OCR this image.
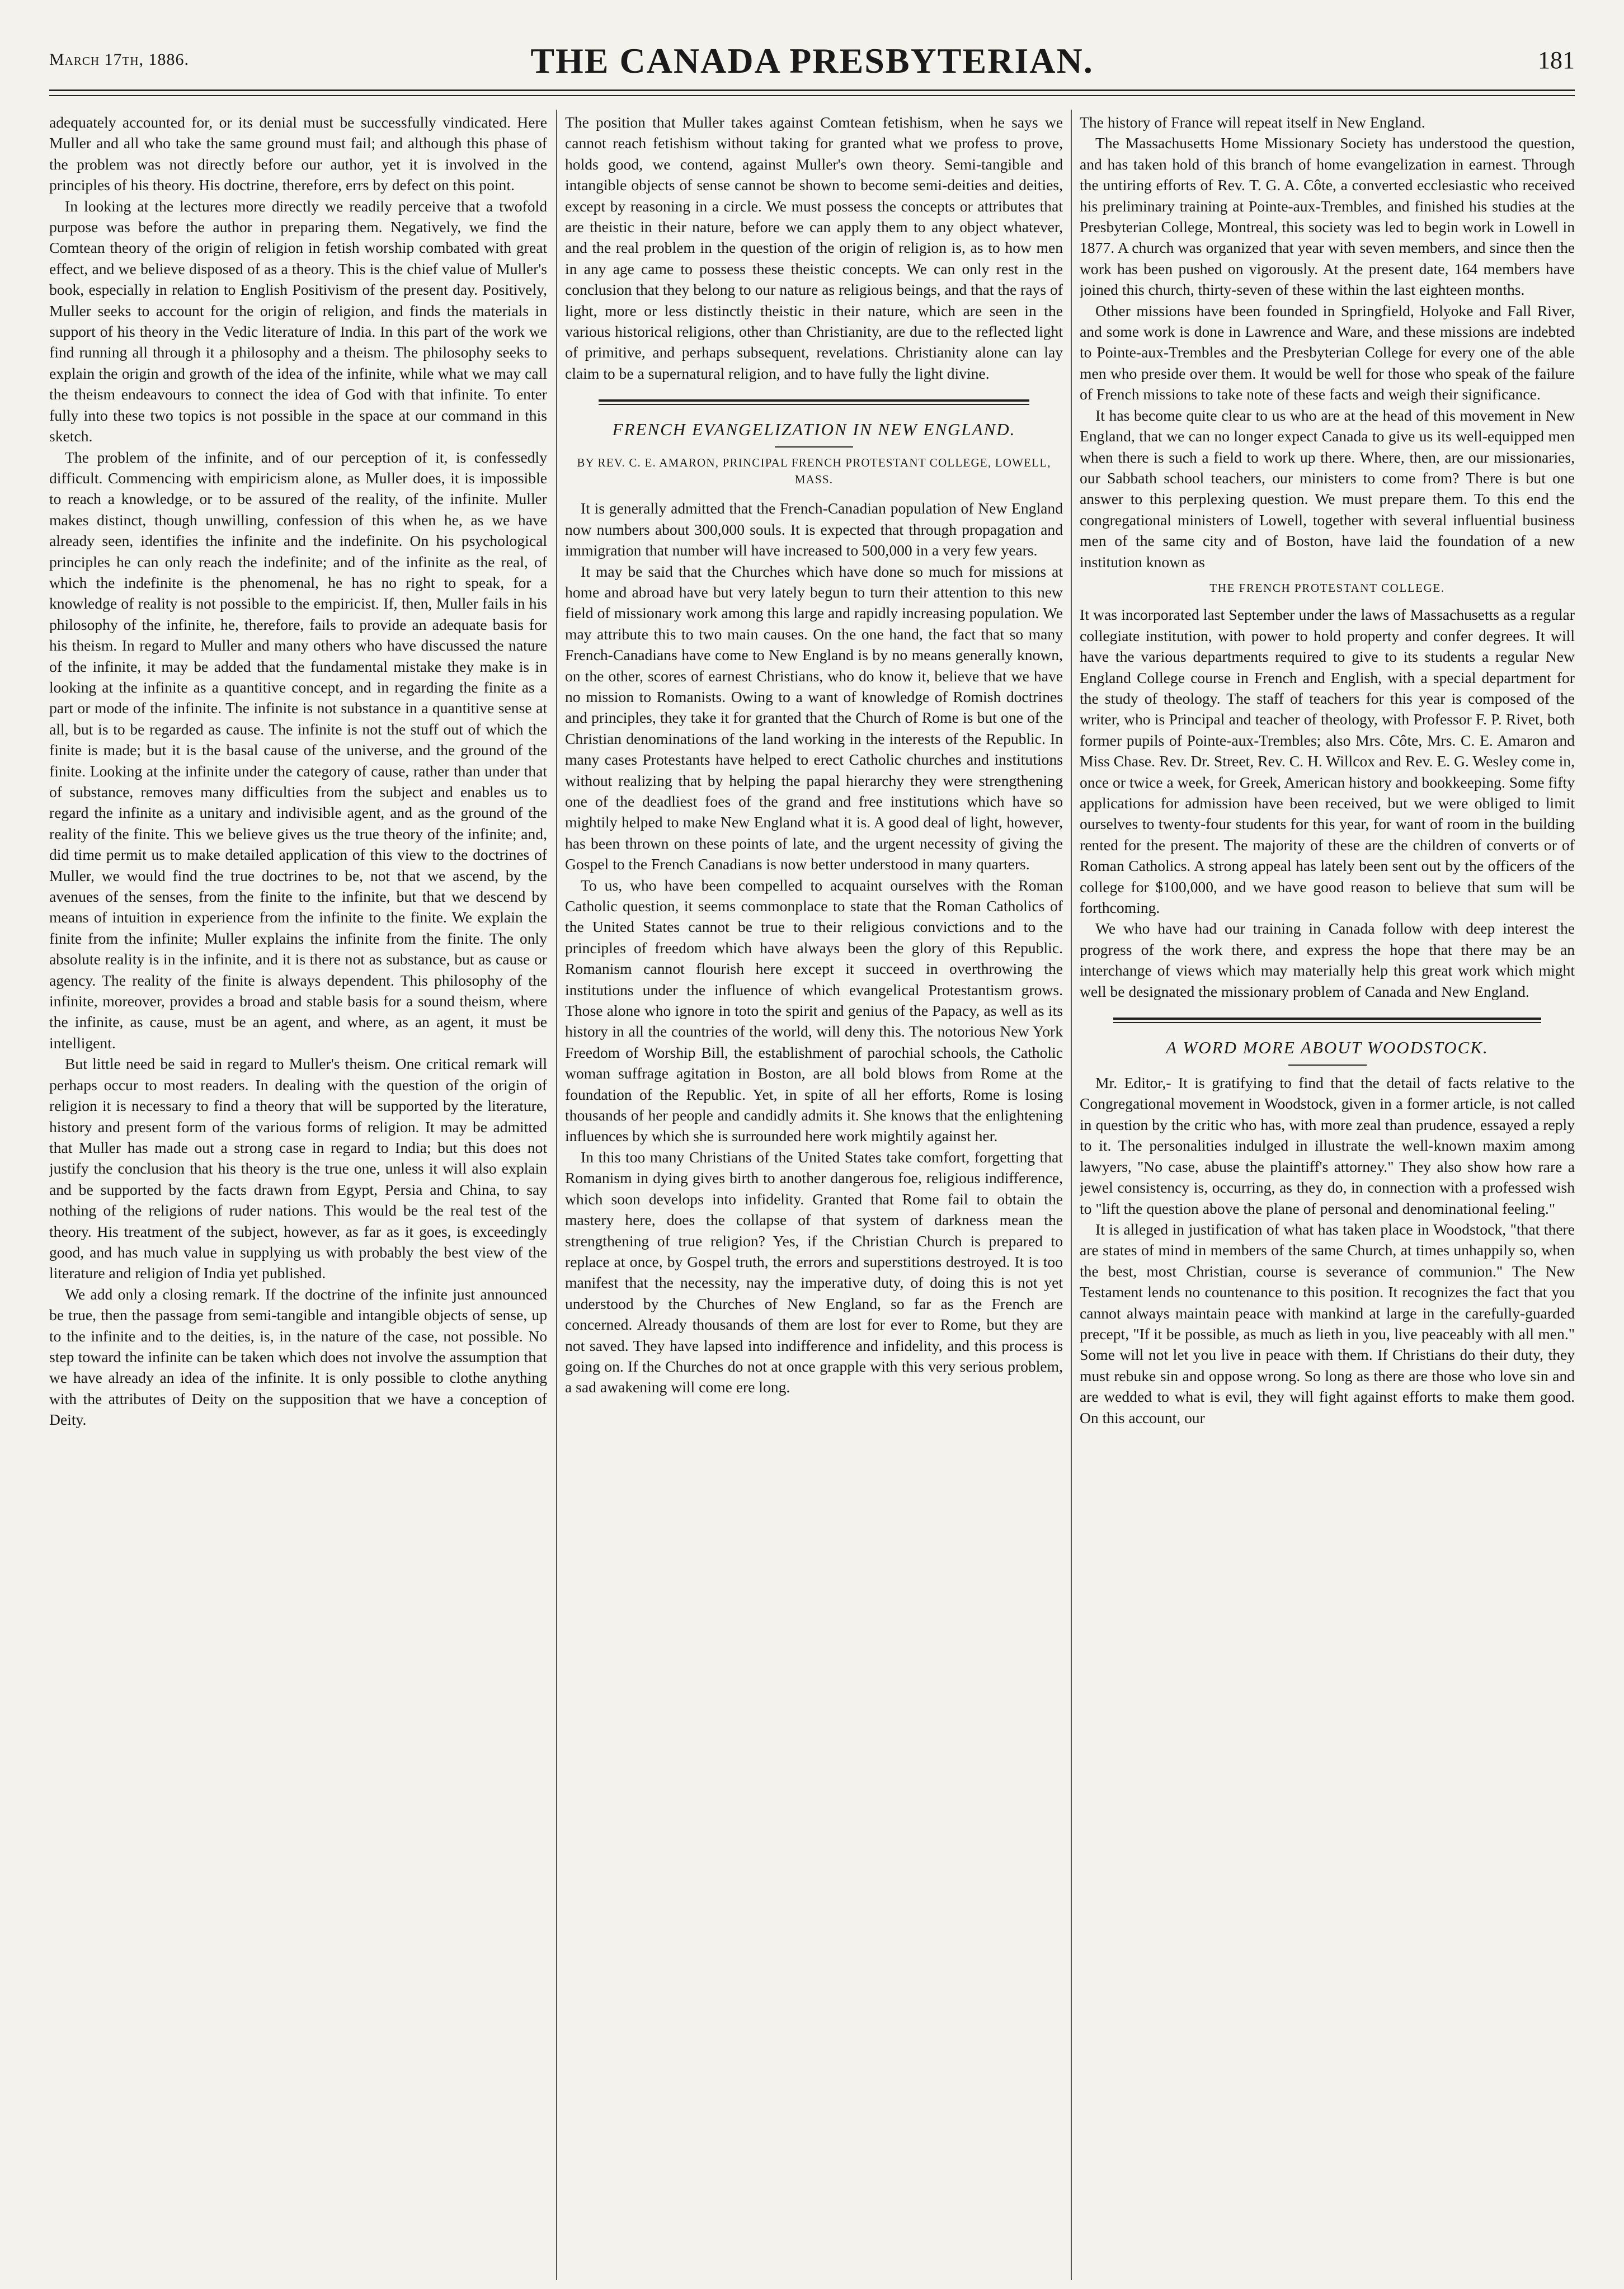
March 17th, 1886.	THE CANADA PRESBYTERIAN.	181

adequately accounted for, or its denial must be successfully vindicated. Here Muller and all who take the same ground must fail; and although this phase of the problem was not directly before our author, yet it is involved in the principles of his theory. His doctrine, therefore, errs by defect on this point.

In looking at the lectures more directly we readily perceive that a twofold purpose was before the author in preparing them. Negatively, we find the Comtean theory of the origin of religion in fetish worship combated with great effect, and we believe disposed of as a theory. This is the chief value of Muller's book, especially in relation to English Positivism of the present day. Positively, Muller seeks to account for the origin of religion, and finds the materials in support of his theory in the Vedic literature of India. In this part of the work we find running all through it a philosophy and a theism. The philosophy seeks to explain the origin and growth of the idea of the infinite, while what we may call the theism endeavours to connect the idea of God with that infinite. To enter fully into these two topics is not possible in the space at our command in this sketch.

The problem of the infinite, and of our perception of it, is confessedly difficult. Commencing with empiricism alone, as Muller does, it is impossible to reach a knowledge, or to be assured of the reality, of the infinite. Muller makes distinct, though unwilling, confession of this when he, as we have already seen, identifies the infinite and the indefinite. On his psychological principles he can only reach the indefinite; and of the infinite as the real, of which the indefinite is the phenomenal, he has no right to speak, for a knowledge of reality is not possible to the empiricist. If, then, Muller fails in his philosophy of the infinite, he, therefore, fails to provide an adequate basis for his theism. In regard to Muller and many others who have discussed the nature of the infinite, it may be added that the fundamental mistake they make is in looking at the infinite as a quantitive concept, and in regarding the finite as a part or mode of the infinite. The infinite is not substance in a quantitive sense at all, but is to be regarded as cause. The infinite is not the stuff out of which the finite is made; but it is the basal cause of the universe, and the ground of the finite. Looking at the infinite under the category of cause, rather than under that of substance, removes many difficulties from the subject and enables us to regard the infinite as a unitary and indivisible agent, and as the ground of the reality of the finite. This we believe gives us the true theory of the infinite; and, did time permit us to make detailed application of this view to the doctrines of Muller, we would find the true doctrines to be, not that we ascend, by the avenues of the senses, from the finite to the infinite, but that we descend by means of intuition in experience from the infinite to the finite. We explain the finite from the infinite; Muller explains the infinite from the finite. The only absolute reality is in the infinite, and it is there not as substance, but as cause or agency. The reality of the finite is always dependent. This philosophy of the infinite, moreover, provides a broad and stable basis for a sound theism, where the infinite, as cause, must be an agent, and where, as an agent, it must be intelligent.

But little need be said in regard to Muller's theism. One critical remark will perhaps occur to most readers. In dealing with the question of the origin of religion it is necessary to find a theory that will be supported by the literature, history and present form of the various forms of religion. It may be admitted that Muller has made out a strong case in regard to India; but this does not justify the conclusion that his theory is the true one, unless it will also explain and be supported by the facts drawn from Egypt, Persia and China, to say nothing of the religions of ruder nations. This would be the real test of the theory. His treatment of the subject, however, as far as it goes, is exceedingly good, and has much value in supplying us with probably the best view of the literature and religion of India yet published.

We add only a closing remark. If the doctrine of the infinite just announced be true, then the passage from semi-tangible and intangible objects of sense, up to the infinite and to the deities, is, in the nature of the case, not possible. No step toward the infinite can be taken which does not involve the assumption that we have already an idea of the infinite. It is only possible to clothe anything with the attributes of Deity on the supposition that we have a conception of Deity.

The position that Muller takes against Comtean fetishism, when he says we cannot reach fetishism without taking for granted what we profess to prove, holds good, we contend, against Muller's own theory. Semi-tangible and intangible objects of sense cannot be shown to become semi-deities and deities, except by reasoning in a circle. We must possess the concepts or attributes that are theistic in their nature, before we can apply them to any object whatever, and the real problem in the question of the origin of religion is, as to how men in any age came to possess these theistic concepts. We can only rest in the conclusion that they belong to our nature as religious beings, and that the rays of light, more or less distinctly theistic in their nature, which are seen in the various historical religions, other than Christianity, are due to the reflected light of primitive, and perhaps subsequent, revelations. Christianity alone can lay claim to be a supernatural religion, and to have fully the light divine.

FRENCH EVANGELIZATION IN NEW ENGLAND.
BY REV. C. E. AMARON, PRINCIPAL FRENCH PROTESTANT COLLEGE, LOWELL, MASS.

It is generally admitted that the French-Canadian population of New England now numbers about 300,000 souls. It is expected that through propagation and immigration that number will have increased to 500,000 in a very few years.

It may be said that the Churches which have done so much for missions at home and abroad have but very lately begun to turn their attention to this new field of missionary work among this large and rapidly increasing population. We may attribute this to two main causes. On the one hand, the fact that so many French-Canadians have come to New England is by no means generally known, on the other, scores of earnest Christians, who do know it, believe that we have no mission to Romanists. Owing to a want of knowledge of Romish doctrines and principles, they take it for granted that the Church of Rome is but one of the Christian denominations of the land working in the interests of the Republic. In many cases Protestants have helped to erect Catholic churches and institutions without realizing that by helping the papal hierarchy they were strengthening one of the deadliest foes of the grand and free institutions which have so mightily helped to make New England what it is. A good deal of light, however, has been thrown on these points of late, and the urgent necessity of giving the Gospel to the French Canadians is now better understood in many quarters.

To us, who have been compelled to acquaint ourselves with the Roman Catholic question, it seems commonplace to state that the Roman Catholics of the United States cannot be true to their religious convictions and to the principles of freedom which have always been the glory of this Republic. Romanism cannot flourish here except it succeed in overthrowing the institutions under the influence of which evangelical Protestantism grows. Those alone who ignore in toto the spirit and genius of the Papacy, as well as its history in all the countries of the world, will deny this. The notorious New York Freedom of Worship Bill, the establishment of parochial schools, the Catholic woman suffrage agitation in Boston, are all bold blows from Rome at the foundation of the Republic. Yet, in spite of all her efforts, Rome is losing thousands of her people and candidly admits it. She knows that the enlightening influences by which she is surrounded here work mightily against her.

In this too many Christians of the United States take comfort, forgetting that Romanism in dying gives birth to another dangerous foe, religious indifference, which soon develops into infidelity. Granted that Rome fail to obtain the mastery here, does the collapse of that system of darkness mean the strengthening of true religion? Yes, if the Christian Church is prepared to replace at once, by Gospel truth, the errors and superstitions destroyed. It is too manifest that the necessity, nay the imperative duty, of doing this is not yet understood by the Churches of New England, so far as the French are concerned. Already thousands of them are lost for ever to Rome, but they are not saved. They have lapsed into indifference and infidelity, and this process is going on. If the Churches do not at once grapple with this very serious problem, a sad awakening will come ere long.

The history of France will repeat itself in New England.

The Massachusetts Home Missionary Society has understood the question, and has taken hold of this branch of home evangelization in earnest. Through the untiring efforts of Rev. T. G. A. Côte, a converted ecclesiastic who received his preliminary training at Pointe-aux-Trembles, and finished his studies at the Presbyterian College, Montreal, this society was led to begin work in Lowell in 1877. A church was organized that year with seven members, and since then the work has been pushed on vigorously. At the present date, 164 members have joined this church, thirty-seven of these within the last eighteen months.

Other missions have been founded in Springfield, Holyoke and Fall River, and some work is done in Lawrence and Ware, and these missions are indebted to Pointe-aux-Trembles and the Presbyterian College for every one of the able men who preside over them. It would be well for those who speak of the failure of French missions to take note of these facts and weigh their significance.

It has become quite clear to us who are at the head of this movement in New England, that we can no longer expect Canada to give us its well-equipped men when there is such a field to work up there. Where, then, are our missionaries, our Sabbath school teachers, our ministers to come from? There is but one answer to this perplexing question. We must prepare them. To this end the congregational ministers of Lowell, together with several influential business men of the same city and of Boston, have laid the foundation of a new institution known as

THE FRENCH PROTESTANT COLLEGE.

It was incorporated last September under the laws of Massachusetts as a regular collegiate institution, with power to hold property and confer degrees. It will have the various departments required to give to its students a regular New England College course in French and English, with a special department for the study of theology. The staff of teachers for this year is composed of the writer, who is Principal and teacher of theology, with Professor F. P. Rivet, both former pupils of Pointe-aux-Trembles; also Mrs. Côte, Mrs. C. E. Amaron and Miss Chase. Rev. Dr. Street, Rev. C. H. Willcox and Rev. E. G. Wesley come in, once or twice a week, for Greek, American history and bookkeeping. Some fifty applications for admission have been received, but we were obliged to limit ourselves to twenty-four students for this year, for want of room in the building rented for the present. The majority of these are the children of converts or of Roman Catholics. A strong appeal has lately been sent out by the officers of the college for $100,000, and we have good reason to believe that sum will be forthcoming.

We who have had our training in Canada follow with deep interest the progress of the work there, and express the hope that there may be an interchange of views which may materially help this great work which might well be designated the missionary problem of Canada and New England.

A WORD MORE ABOUT WOODSTOCK.

Mr. Editor,- It is gratifying to find that the detail of facts relative to the Congregational movement in Woodstock, given in a former article, is not called in question by the critic who has, with more zeal than prudence, essayed a reply to it. The personalities indulged in illustrate the well-known maxim among lawyers, "No case, abuse the plaintiff's attorney." They also show how rare a jewel consistency is, occurring, as they do, in connection with a professed wish to "lift the question above the plane of personal and denominational feeling."

It is alleged in justification of what has taken place in Woodstock, "that there are states of mind in members of the same Church, at times unhappily so, when the best, most Christian, course is severance of communion." The New Testament lends no countenance to this position. It recognizes the fact that you cannot always maintain peace with mankind at large in the carefully-guarded precept, "If it be possible, as much as lieth in you, live peaceably with all men." Some will not let you live in peace with them. If Christians do their duty, they must rebuke sin and oppose wrong. So long as there are those who love sin and are wedded to what is evil, they will fight against efforts to make them good. On this account, our
